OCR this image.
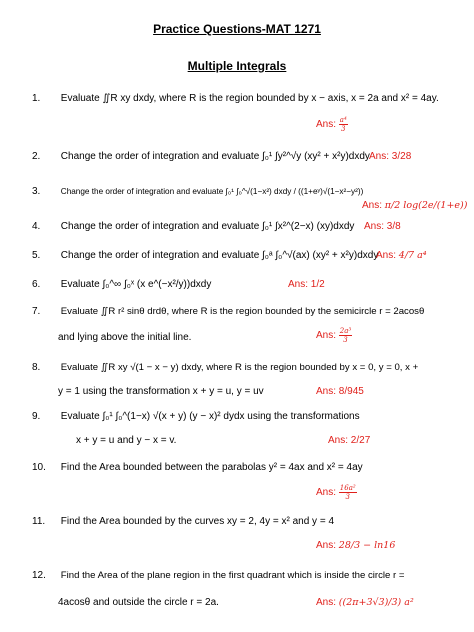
Practice Questions-MAT 1271
Multiple Integrals
1. Evaluate ∬R xy dxdy, where R is the region bounded by x − axis, x = 2a and x² = 4ay.
Ans: $\frac{\text{a⁴}}{3}$
2. Change the order of integration and evaluate ∫₀¹ ∫y²^√y (xy² + x²y)dxdy Ans: 3/28
3. Change the order of integration and evaluate ∫₀¹ ∫₀^√(1−x²) dxdy / ((1+eʸ)√(1−x²−y²))
Ans: π/2 log(2e/(1+e))
4. Change the order of integration and evaluate ∫₀¹ ∫x²^(2−x) (xy)dxdy Ans: 3/8
5. Change the order of integration and evaluate ∫₀ᵃ ∫₀^√(ax) (xy² + x²y)dxdy
Ans: 4/7 a⁴
6. Evaluate ∫₀^∞ ∫₀ˣ (x e^(−x²/y))dxdy	Ans: 1/2
7. Evaluate ∬R r² sinθ drdθ, where R is the region bounded by the semicircle r = 2acosθ
and lying above the initial line.	Ans: $\frac{\text{2a³}}{3}$
8. Evaluate ∬R xy √(1 − x − y) dxdy, where R is the region bounded by x = 0, y = 0, x +
y = 1 using the transformation x + y = u, y = uv	Ans: 8/945
9. Evaluate ∫₀¹ ∫₀^(1−x) √(x + y) (y − x)² dydx using the transformations
x + y = u and y − x = v.	Ans: 2/27
10. Find the Area bounded between the parabolas y² = 4ax and x² = 4ay
Ans: $\frac{\text{16a²}}{3}$
11. Find the Area bounded by the curves xy = 2, 4y = x² and y = 4
Ans: 28/3 − ln16
12. Find the Area of the plane region in the first quadrant which is inside the circle r =
4acosθ and outside the circle r = 2a.	Ans: ((2π+3√3)/3) a²
